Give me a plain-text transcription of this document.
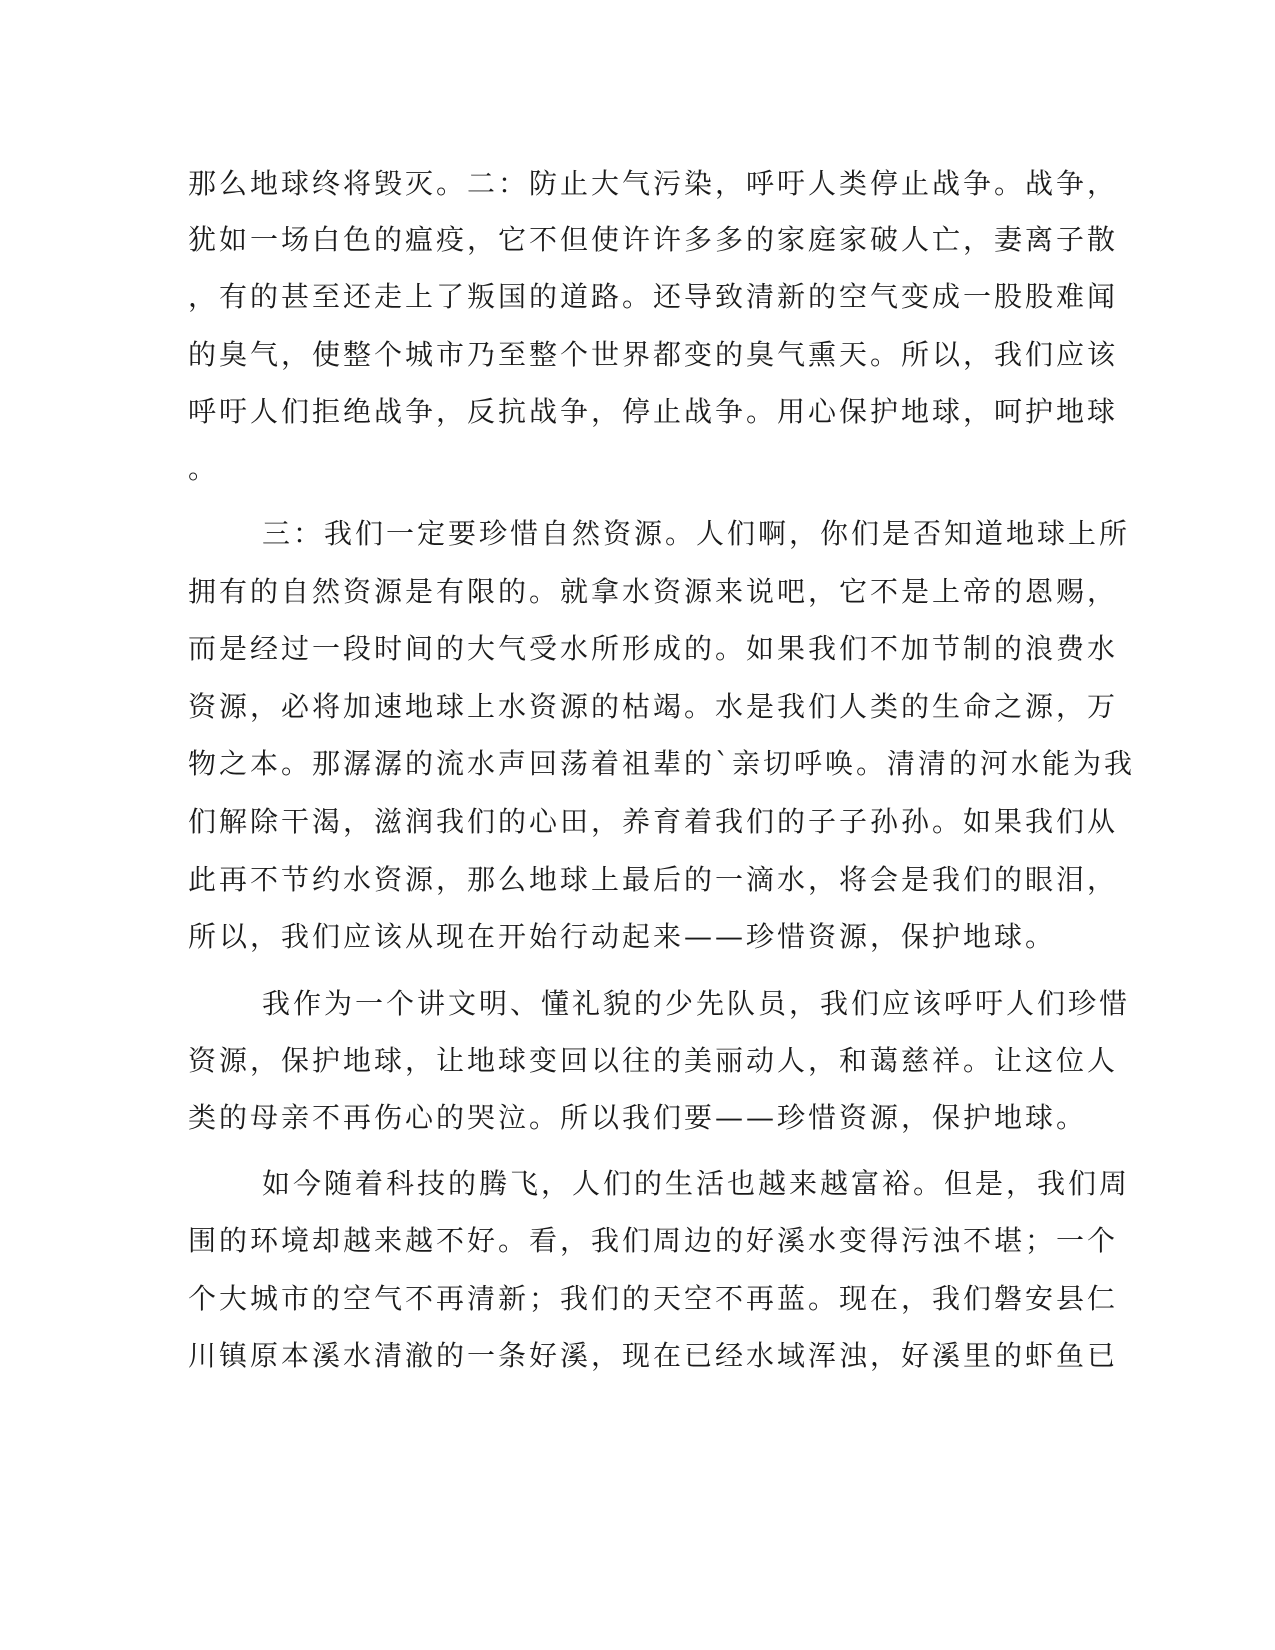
那么地球终将毁灭。二：防止大气污染，呼吁人类停止战争。战争，
犹如一场白色的瘟疫，它不但使许许多多的家庭家破人亡，妻离子散
，有的甚至还走上了叛国的道路。还导致清新的空气变成一股股难闻
的臭气，使整个城市乃至整个世界都变的臭气熏天。所以，我们应该
呼吁人们拒绝战争，反抗战争，停止战争。用心保护地球，呵护地球
。
三：我们一定要珍惜自然资源。人们啊，你们是否知道地球上所
拥有的自然资源是有限的。就拿水资源来说吧，它不是上帝的恩赐，
而是经过一段时间的大气受水所形成的。如果我们不加节制的浪费水
资源，必将加速地球上水资源的枯竭。水是我们人类的生命之源，万
物之本。那潺潺的流水声回荡着祖辈的`亲切呼唤。清清的河水能为我
们解除干渴，滋润我们的心田，养育着我们的子子孙孙。如果我们从
此再不节约水资源，那么地球上最后的一滴水，将会是我们的眼泪，
所以，我们应该从现在开始行动起来——珍惜资源，保护地球。
我作为一个讲文明、懂礼貌的少先队员，我们应该呼吁人们珍惜
资源，保护地球，让地球变回以往的美丽动人，和蔼慈祥。让这位人
类的母亲不再伤心的哭泣。所以我们要——珍惜资源，保护地球。
如今随着科技的腾飞，人们的生活也越来越富裕。但是，我们周
围的环境却越来越不好。看，我们周边的好溪水变得污浊不堪；一个
个大城市的空气不再清新；我们的天空不再蓝。现在，我们磐安县仁
川镇原本溪水清澈的一条好溪，现在已经水域浑浊，好溪里的虾鱼已
